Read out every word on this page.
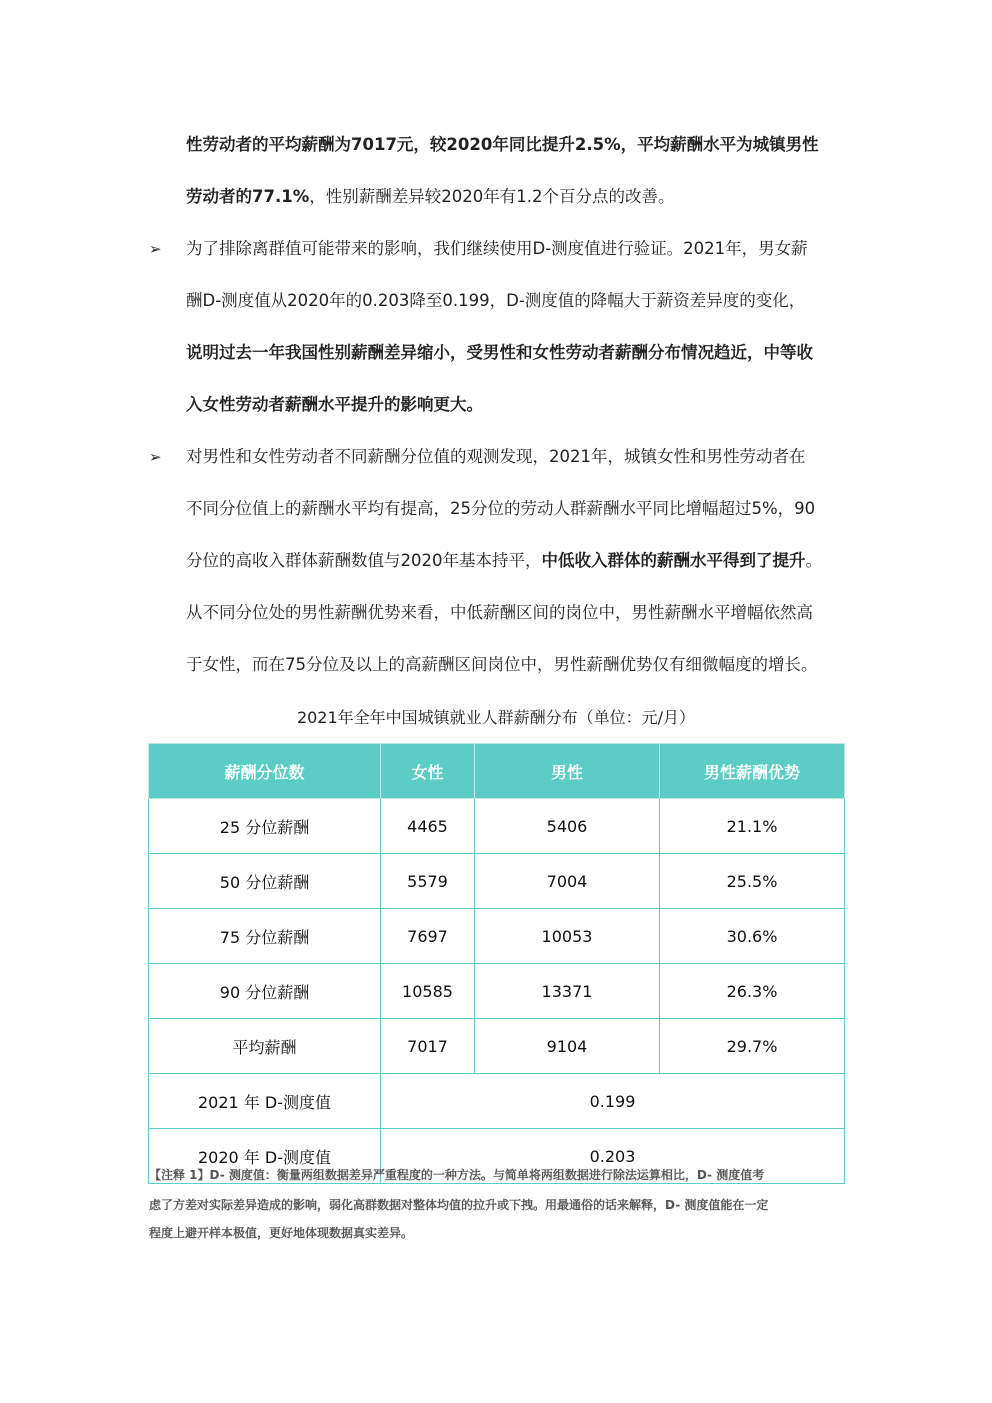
性劳动者的平均薪酬为7017元，较2020年同比提升2.5%，平均薪酬水平为城镇男性
劳动者的77.1%，性别薪酬差异较2020年有1.2个百分点的改善。
➢ 为了排除离群值可能带来的影响，我们继续使用D-测度值进行验证。2021年，男女薪
酬D-测度值从2020年的0.203降至0.199，D-测度值的降幅大于薪资差异度的变化，
说明过去一年我国性别薪酬差异缩小，受男性和女性劳动者薪酬分布情况趋近，中等收
入女性劳动者薪酬水平提升的影响更大。
➢ 对男性和女性劳动者不同薪酬分位值的观测发现，2021年，城镇女性和男性劳动者在
不同分位值上的薪酬水平均有提高，25分位的劳动人群薪酬水平同比增幅超过5%，90
分位的高收入群体薪酬数值与2020年基本持平，中低收入群体的薪酬水平得到了提升。
从不同分位处的男性薪酬优势来看，中低薪酬区间的岗位中，男性薪酬水平增幅依然高
于女性，而在75分位及以上的高薪酬区间岗位中，男性薪酬优势仅有细微幅度的增长。
2021年全年中国城镇就业人群薪酬分布（单位：元/月）
薪酬分位数	女性	男性	男性薪酬优势
25 分位薪酬	4465	5406	21.1%
50 分位薪酬	5579	7004	25.5%
75 分位薪酬	7697	10053	30.6%
90 分位薪酬	10585	13371	26.3%
平均薪酬	7017	9104	29.7%
2021 年 D-测度值	0.199		
2020 年 D-测度值	0.203		
【注释 1】D- 测度值：衡量两组数据差异严重程度的一种方法。与简单将两组数据进行除法运算相比，D- 测度值考
虑了方差对实际差异造成的影响，弱化高群数据对整体均值的拉升或下拽。用最通俗的话来解释，D- 测度值能在一定
程度上避开样本极值，更好地体现数据真实差异。
